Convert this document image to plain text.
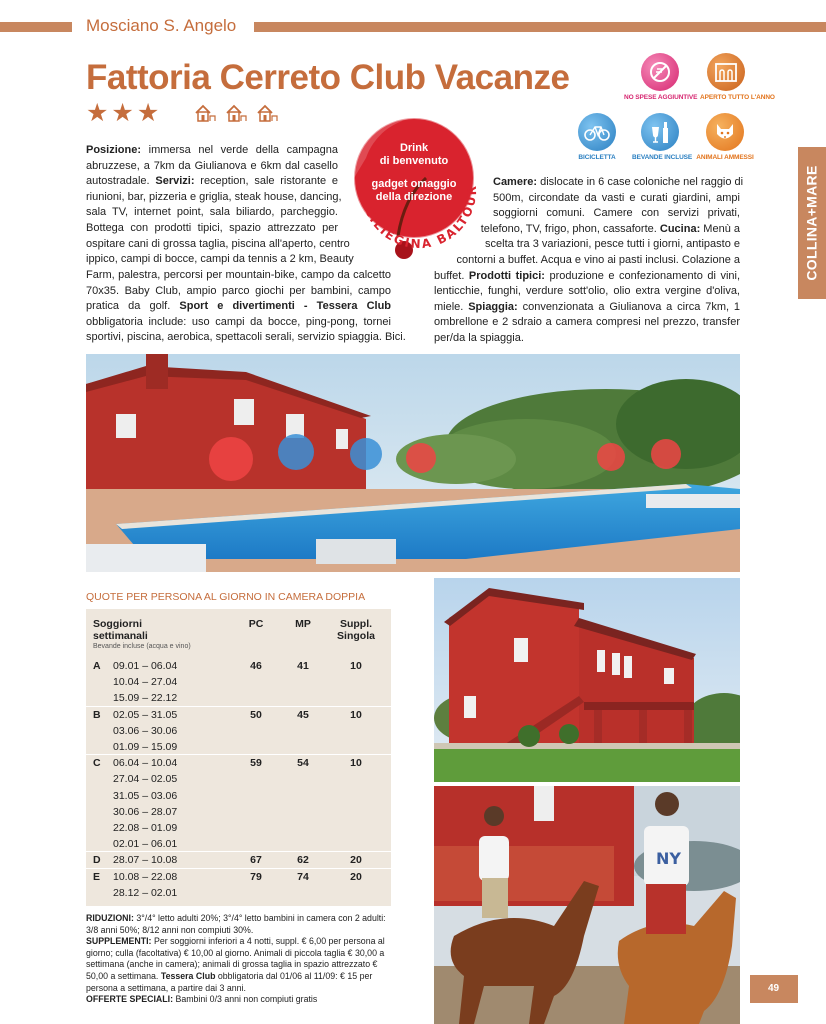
Mosciano S. Angelo
Fattoria Cerreto Club Vacanze
★★★
NO SPESE AGGIUNTIVE APERTO TUTTO L'ANNO
BICICLETTA	BEVANDE INCLUSE ANIMALI AMMESSI
COLLINA+MARE
CILIEGINA BALTOUR
Drink
di benvenuto
gadget omaggio
della direzione
Posizione: immersa nel verde della campagna
abruzzese, a 7km da Giulianova e 6km dal casello
autostradale. Servizi: reception, sale ristorante e
riunioni, bar, pizzeria e griglia, steak house, dancing,
sala TV, internet point, sala biliardo, parcheggio.
Bottega con prodotti tipici, spazio attrezzato per
ospitare cani di grossa taglia, piscina all'aperto, centro
ippico, campi di bocce, campi da tennis a 2 km, Beauty
Farm, palestra, percorsi per mountain-bike, campo da calcetto
70x35. Baby Club, ampio parco giochi per bambini, campo
pratica da golf. Sport e divertimenti - Tessera Club
obbligatoria include: uso campi da bocce, ping-pong, tornei
sportivi, piscina, aerobica, spettacoli serali, servizio spiaggia. Bici.
Camere: dislocate in 6 case coloniche nel raggio di
500m, circondate da vasti e curati giardini, ampi
soggiorni comuni. Camere con servizi privati,
telefono, TV, frigo, phon, cassaforte. Cucina: Menù a
scelta tra 3 variazioni, pesce tutti i giorni, antipasto e
contorni a buffet. Acqua e vino ai pasti inclusi. Colazione a
buffet. Prodotti tipici: produzione e confezionamento di vini,
lenticchie, funghi, verdure sott'olio, olio extra vergine d'oliva,
miele. Spiaggia: convenzionata a Giulianova a circa 7km, 1
ombrellone e 2 sdraio a camera compresi nel prezzo, transfer
per/da la spiaggia.
QUOTE PER PERSONA AL GIORNO IN CAMERA DOPPIA
Soggiorni
settimanali
Bevande incluse (acqua e vino)
PC	MP	Suppl.
Singola
A 09.01 – 06.04	46	41	10
10.04 – 27.04
15.09 – 22.12
B 02.05 – 31.05	50	45	10
03.06 – 30.06
01.09 – 15.09
C 06.04 – 10.04	59	54	10
27.04 – 02.05
31.05 – 03.06
30.06 – 28.07
22.08 – 01.09
02.01 – 06.01
D 28.07 – 10.08	67	62	20
E 10.08 – 22.08	79	74	20
28.12 – 02.01
RIDUZIONI: 3°/4° letto adulti 20%; 3°/4° letto bambini in camera con 2 adulti: 3/8 anni 50%; 8/12 anni non compiuti 30%.
SUPPLEMENTI: Per soggiorni inferiori a 4 notti, suppl. € 6,00 per persona al giorno; culla (facoltativa) € 10,00 al giorno. Animali di piccola taglia € 30,00 a settimana (anche in camera); animali di grossa taglia in spazio attrezzato € 50,00 a settimana. Tessera Club obbligatoria dal 01/06 al 11/09: € 15 per persona a settimana, a partire dai 3 anni.
OFFERTE SPECIALI: Bambini 0/3 anni non compiuti gratis
NY
49
